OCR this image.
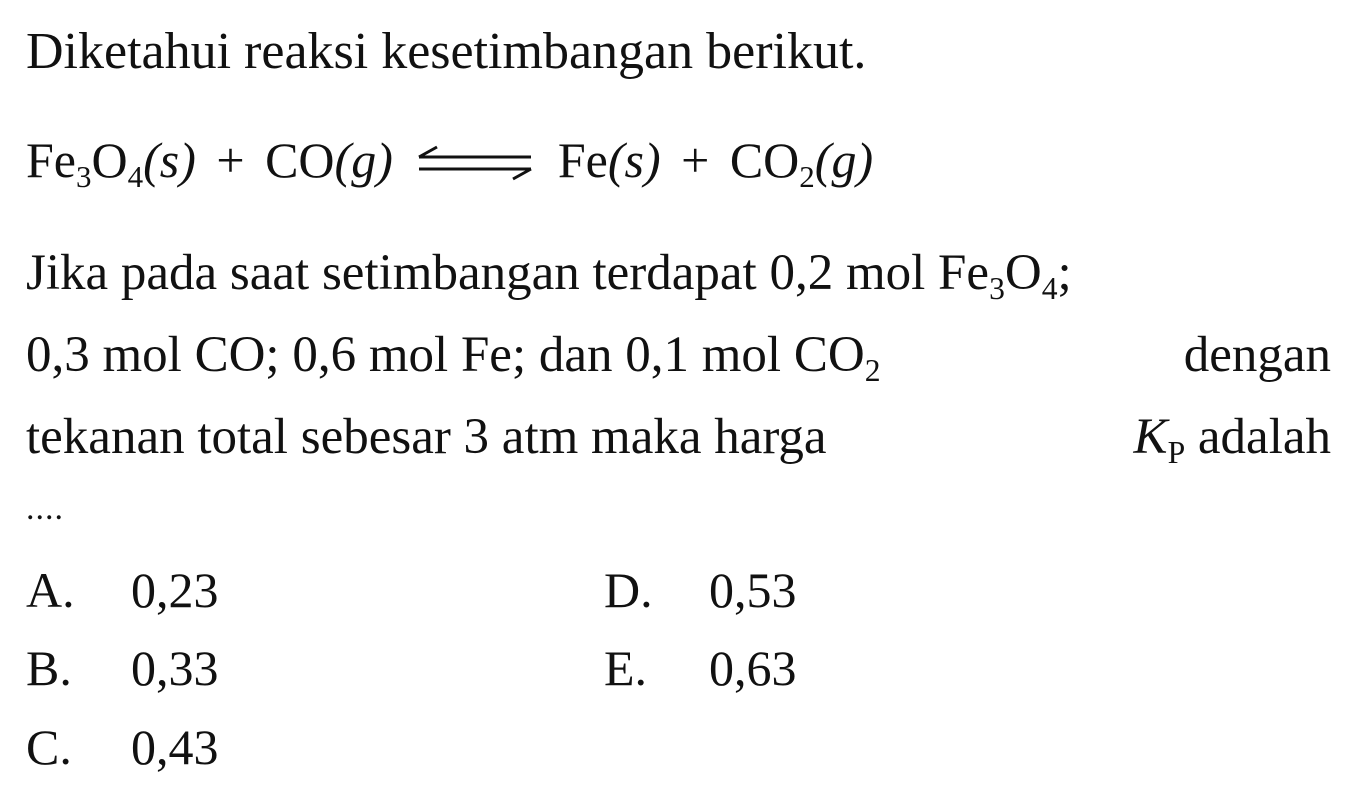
Diketahui reaksi kesetimbangan berikut.
$Fe_3O_4(s) + CO(g)$ ⇌ $Fe(s) + CO_2(g)$
Jika pada saat setimbangan terdapat 0,2 mol $Fe_3O_4$;
0,3 mol CO; 0,6 mol Fe; dan 0,1 mol $CO_2$	dengan
tekanan total sebesar 3 atm maka harga	$K_P$ adalah
....
A. 0,23
B. 0,33
C. 0,43
D. 0,53
E. 0,63
